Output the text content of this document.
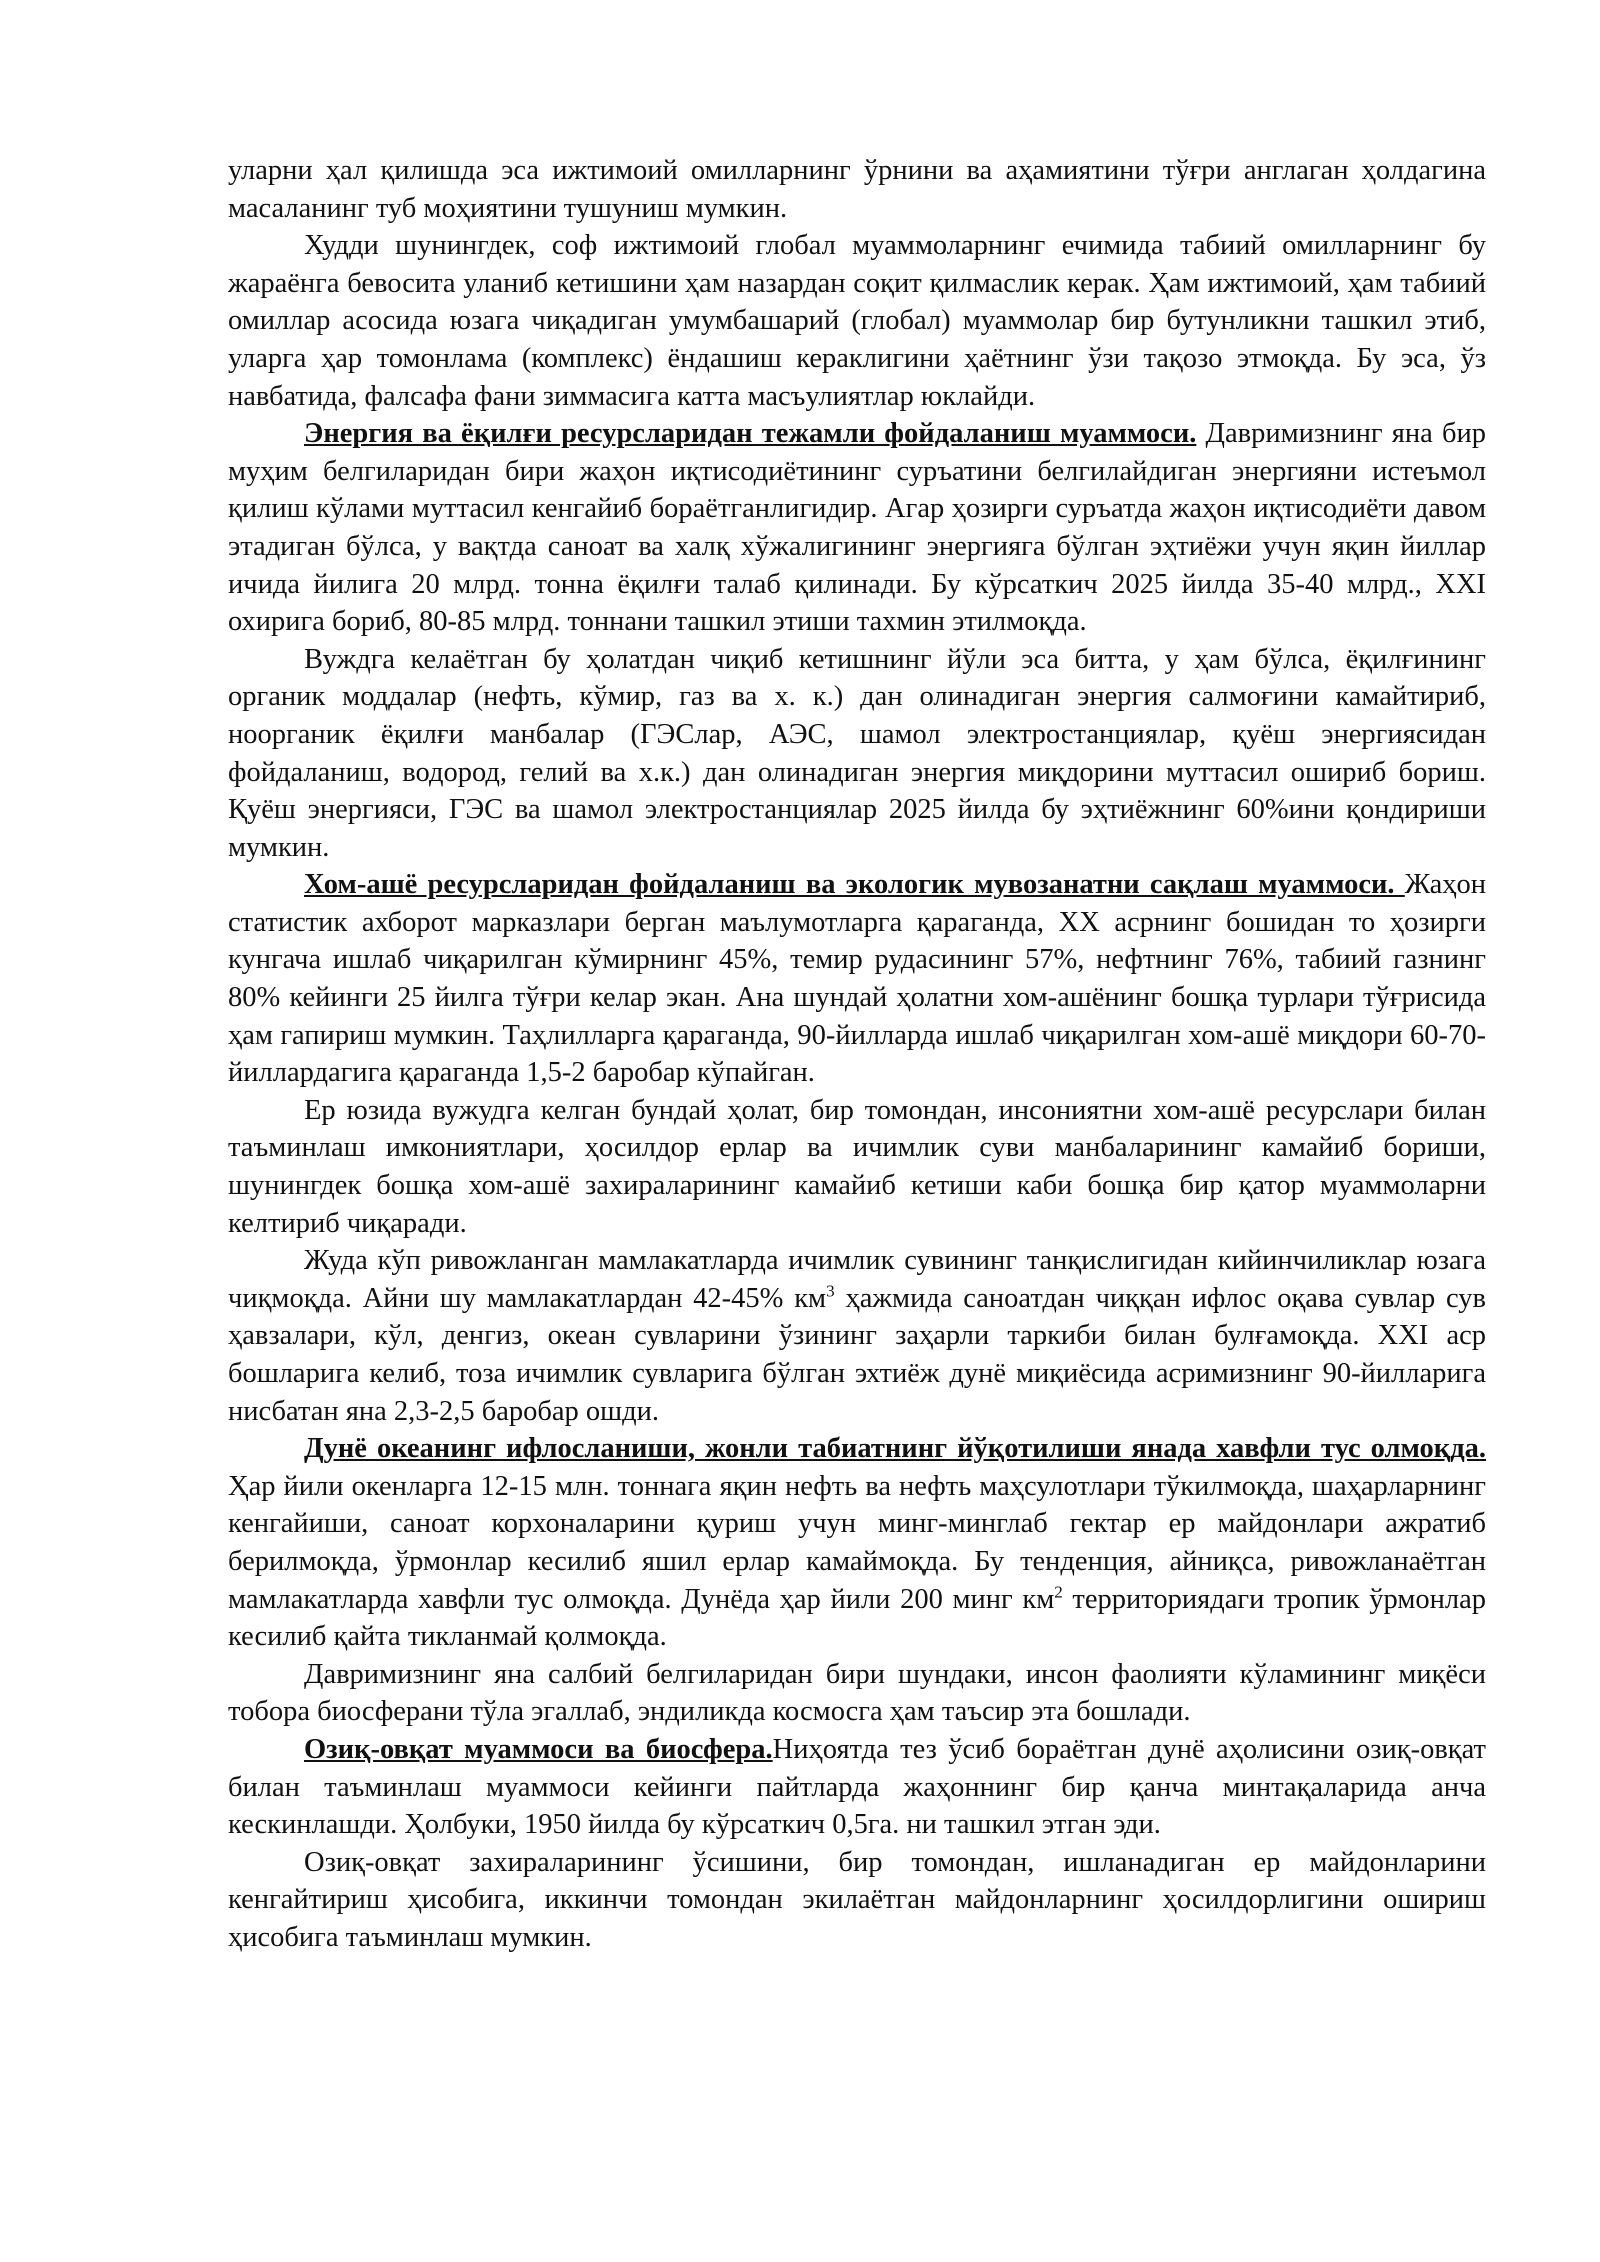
уларни ҳал қилишда эса ижтимоий омилларнинг ўрнини ва аҳамиятини тўғри англаган ҳолдагина масаланинг туб моҳиятини тушуниш мумкин.

Худди шунингдек, соф ижтимоий глобал муаммоларнинг ечимида табиий омилларнинг бу жараёнга бевосита уланиб кетишини ҳам назардан соқит қилмаслик керак. Ҳам ижтимоий, ҳам табиий омиллар асосида юзага чиқадиган умумбашарий (глобал) муаммолар бир бутунликни ташкил этиб, уларга ҳар томонлама (комплекс) ёндашиш кераклигини ҳаётнинг ўзи тақозо этмоқда. Бу эса, ўз навбатида, фалсафа фани зиммасига катта масъулиятлар юклайди.

Энергия ва ёқилғи ресурсларидан тежамли фойдаланиш муаммоси. Давримизнинг яна бир муҳим белгиларидан бири жаҳон иқтисодиётининг суръатини белгилайдиган энергияни истеъмол қилиш кўлами муттасил кенгайиб бораётганлигидир. Агар ҳозирги суръатда жаҳон иқтисодиёти давом этадиган бўлса, у вақтда саноат ва халқ хўжалигининг энергияга бўлган эҳтиёжи учун яқин йиллар ичида йилига 20 млрд. тонна ёқилғи талаб қилинади. Бу кўрсаткич 2025 йилда 35-40 млрд., XXI охирига бориб, 80-85 млрд. тоннани ташкил этиши тахмин этилмоқда.

Вуждга келаётган бу ҳолатдан чиқиб кетишнинг йўли эса битта, у ҳам бўлса, ёқилғининг органик моддалар (нефть, кўмир, газ ва х. к.) дан олинадиган энергия салмоғини камайтириб, ноорганик ёқилғи манбалар (ГЭСлар, АЭС, шамол электростанциялар, қуёш энергиясидан фойдаланиш, водород, гелий ва х.к.) дан олинадиган энергия миқдорини муттасил ошириб бориш. Қуёш энергияси, ГЭС ва шамол электростанциялар 2025 йилда бу эҳтиёжнинг 60%ини қондириши мумкин.

Хом-ашё ресурсларидан фойдаланиш ва экологик мувозанатни сақлаш муаммоси. Жаҳон статистик ахборот марказлари берган маълумотларга қараганда, XX асрнинг бошидан то ҳозирги кунгача ишлаб чиқарилган кўмирнинг 45%, темир рудасининг 57%, нефтнинг 76%, табиий газнинг 80% кейинги 25 йилга тўғри келар экан. Ана шундай ҳолатни хом-ашёнинг бошқа турлари тўғрисида ҳам гапириш мумкин. Таҳлилларга қараганда, 90-йилларда ишлаб чиқарилган хом-ашё миқдори 60-70-йиллардагига қараганда 1,5-2 баробар кўпайган.

Ер юзида вужудга келган бундай ҳолат, бир томондан, инсониятни хом-ашё ресурслари билан таъминлаш имкониятлари, ҳосилдор ерлар ва ичимлик суви манбаларининг камайиб бориши, шунингдек бошқа хом-ашё захираларининг камайиб кетиши каби бошқа бир қатор муаммоларни келтириб чиқаради.

Жуда кўп ривожланган мамлакатларда ичимлик сувининг танқислигидан кийинчиликлар юзага чиқмоқда. Айни шу мамлакатлардан 42-45% $км^3$ ҳажмида саноатдан чиққан ифлос оқава сувлар сув ҳавзалари, кўл, денгиз, океан сувларини ўзининг заҳарли таркиби билан булғамоқда. XXI аср бошларига келиб, тоза ичимлик сувларига бўлган эхтиёж дунё миқиёсида асримизнинг 90-йилларига нисбатан яна 2,3-2,5 баробар ошди.

Дунё океанинг ифлосланиши, жонли табиатнинг йўқотилиши янада хавфли тус олмоқда. Ҳар йили окенларга 12-15 млн. тоннага яқин нефть ва нефть маҳсулотлари тўкилмоқда, шаҳарларнинг кенгайиши, саноат корхоналарини қуриш учун минг-минглаб гектар ер майдонлари ажратиб берилмоқда, ўрмонлар кесилиб яшил ерлар камаймоқда. Бу тенденция, айниқса, ривожланаётган мамлакатларда хавфли тус олмоқда. Дунёда ҳар йили 200 минг $км^2$ территориядаги тропик ўрмонлар кесилиб қайта тикланмай қолмоқда.

Давримизнинг яна салбий белгиларидан бири шундаки, инсон фаолияти кўламининг миқёси тобора биосферани тўла эгаллаб, эндиликда космосга ҳам таъсир эта бошлади.

Озиқ-овқат муаммоси ва биосфера.Ниҳоятда тез ўсиб бораётган дунё аҳолисини озиқ-овқат билан таъминлаш муаммоси кейинги пайтларда жаҳоннинг бир қанча минтақаларида анча кескинлашди. Ҳолбуки, 1950 йилда бу кўрсаткич 0,5га. ни ташкил этган эди.

Озиқ-овқат захираларининг ўсишини, бир томондан, ишланадиган ер майдонларини кенгайтириш ҳисобига, иккинчи томондан экилаётган майдонларнинг ҳосилдорлигини ошириш ҳисобига таъминлаш мумкин.
